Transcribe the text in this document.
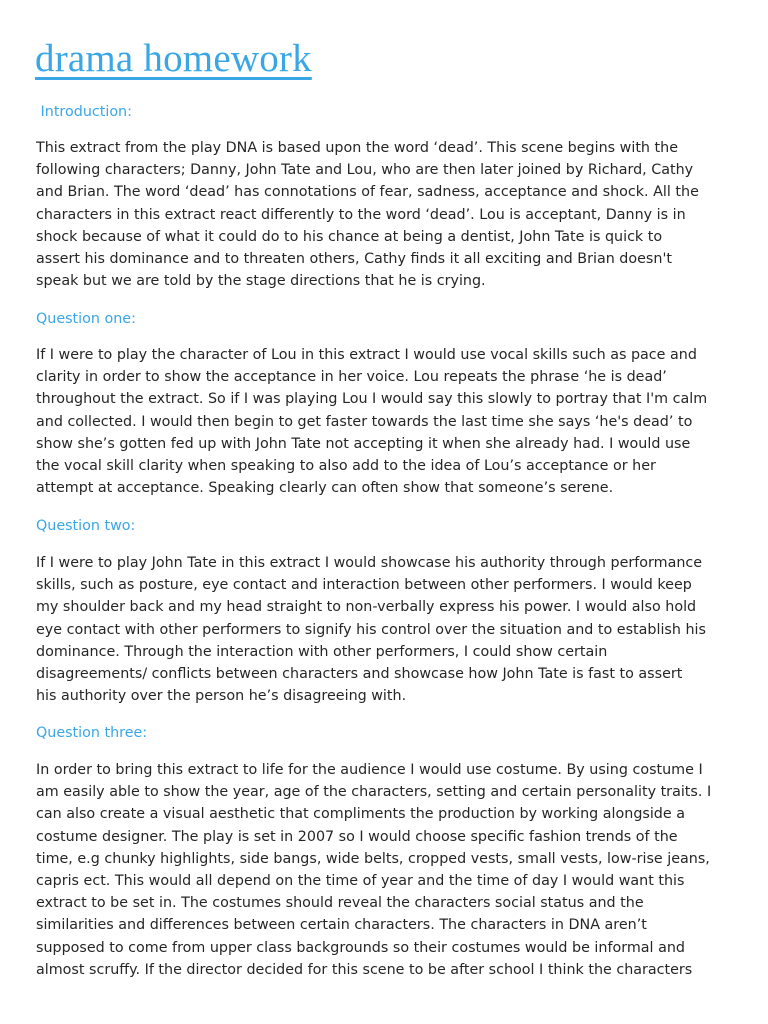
drama homework

Introduction:

This extract from the play DNA is based upon the word ‘dead’. This scene begins with the
following characters; Danny, John Tate and Lou, who are then later joined by Richard, Cathy
and Brian. The word ‘dead’ has connotations of fear, sadness, acceptance and shock. All the
characters in this extract react differently to the word ‘dead’. Lou is acceptant, Danny is in
shock because of what it could do to his chance at being a dentist, John Tate is quick to
assert his dominance and to threaten others, Cathy finds it all exciting and Brian doesn't
speak but we are told by the stage directions that he is crying.

Question one:

If I were to play the character of Lou in this extract I would use vocal skills such as pace and
clarity in order to show the acceptance in her voice. Lou repeats the phrase ‘he is dead’
throughout the extract. So if I was playing Lou I would say this slowly to portray that I'm calm
and collected. I would then begin to get faster towards the last time she says ‘he's dead’ to
show she’s gotten fed up with John Tate not accepting it when she already had. I would use
the vocal skill clarity when speaking to also add to the idea of Lou’s acceptance or her
attempt at acceptance. Speaking clearly can often show that someone’s serene.

Question two:

If I were to play John Tate in this extract I would showcase his authority through performance
skills, such as posture, eye contact and interaction between other performers. I would keep
my shoulder back and my head straight to non-verbally express his power. I would also hold
eye contact with other performers to signify his control over the situation and to establish his
dominance. Through the interaction with other performers, I could show certain
disagreements/ conflicts between characters and showcase how John Tate is fast to assert
his authority over the person he’s disagreeing with.

Question three:

In order to bring this extract to life for the audience I would use costume. By using costume I
am easily able to show the year, age of the characters, setting and certain personality traits. I
can also create a visual aesthetic that compliments the production by working alongside a
costume designer. The play is set in 2007 so I would choose specific fashion trends of the
time, e.g chunky highlights, side bangs, wide belts, cropped vests, small vests, low-rise jeans,
capris ect. This would all depend on the time of year and the time of day I would want this
extract to be set in. The costumes should reveal the characters social status and the
similarities and differences between certain characters. The characters in DNA aren’t
supposed to come from upper class backgrounds so their costumes would be informal and
almost scruffy. If the director decided for this scene to be after school I think the characters
